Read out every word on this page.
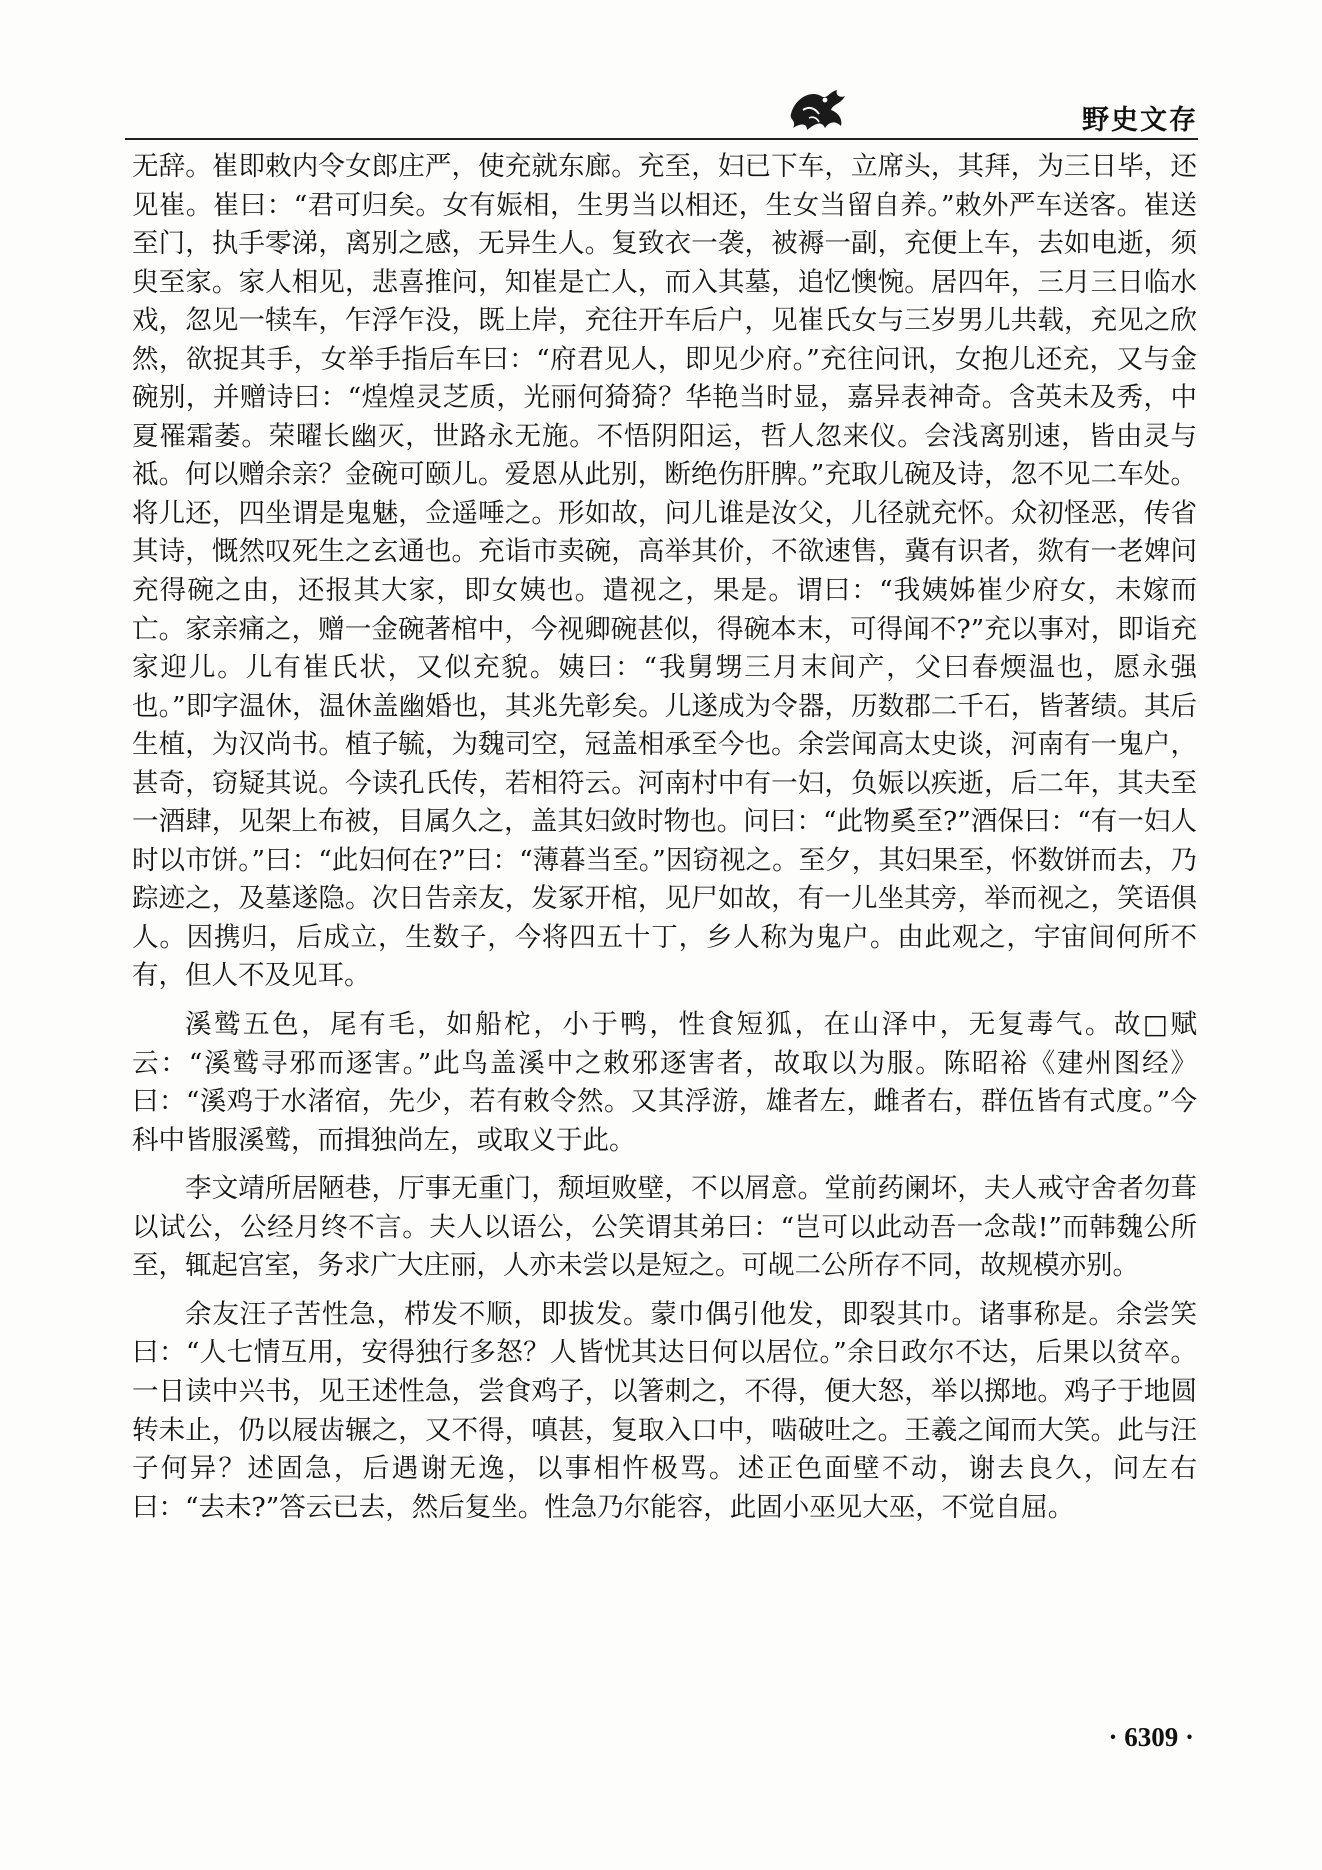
野史文存

无辞。崔即敕内令女郎庄严，使充就东廊。充至，妇已下车，立席头，其拜，为三日毕，还见崔。崔曰：“君可归矣。女有娠相，生男当以相还，生女当留自养。”敕外严车送客。崔送至门，执手零涕，离别之感，无异生人。复致衣一袭，被褥一副，充便上车，去如电逝，须臾至家。家人相见，悲喜推问，知崔是亡人，而入其墓，追忆懊惋。居四年，三月三日临水戏，忽见一犊车，乍浮乍没，既上岸，充往开车后户，见崔氏女与三岁男儿共载，充见之欣然，欲捉其手，女举手指后车曰：“府君见人，即见少府。”充往问讯，女抱儿还充，又与金碗别，并赠诗曰：“煌煌灵芝质，光丽何猗猗？华艳当时显，嘉异表神奇。含英未及秀，中夏罹霜萎。荣曜长幽灭，世路永无施。不悟阴阳运，哲人忽来仪。会浅离别速，皆由灵与祗。何以赠余亲？金碗可颐儿。爱恩从此别，断绝伤肝脾。”充取儿碗及诗，忽不见二车处。将儿还，四坐谓是鬼魅，佥遥唾之。形如故，问儿谁是汝父，儿径就充怀。众初怪恶，传省其诗，慨然叹死生之玄通也。充诣市卖碗，高举其价，不欲速售，冀有识者，欻有一老婢问充得碗之由，还报其大家，即女姨也。遣视之，果是。谓曰：“我姨姊崔少府女，未嫁而亡。家亲痛之，赠一金碗著棺中，今视卿碗甚似，得碗本末，可得闻不?”充以事对，即诣充家迎儿。儿有崔氏状，又似充貌。姨曰：“我舅甥三月末间产，父曰春煗温也，愿永强也。”即字温休，温休盖幽婚也，其兆先彰矣。儿遂成为令器，历数郡二千石，皆著绩。其后生植，为汉尚书。植子毓，为魏司空，冠盖相承至今也。余尝闻高太史谈，河南有一鬼户，甚奇，窃疑其说。今读孔氏传，若相符云。河南村中有一妇，负娠以疾逝，后二年，其夫至一酒肆，见架上布被，目属久之，盖其妇敛时物也。问曰：“此物奚至?”酒保曰：“有一妇人时以市饼。”曰：“此妇何在?”曰：“薄暮当至。”因窃视之。至夕，其妇果至，怀数饼而去，乃踪迹之，及墓遂隐。次日告亲友，发冢开棺，见尸如故，有一儿坐其旁，举而视之，笑语俱人。因携归，后成立，生数子，今将四五十丁，乡人称为鬼户。由此观之，宇宙间何所不有，但人不及见耳。

溪鹫五色，尾有毛，如船柁，小于鸭，性食短狐，在山泽中，无复毒气。故□赋云：“溪鹫寻邪而逐害。”此鸟盖溪中之敕邪逐害者，故取以为服。陈昭裕《建州图经》曰：“溪鸡于水渚宿，先少，若有敕令然。又其浮游，雄者左，雌者右，群伍皆有式度。”今科中皆服溪鹫，而揖独尚左，或取义于此。

李文靖所居陋巷，厅事无重门，颓垣败壁，不以屑意。堂前药阑坏，夫人戒守舍者勿葺以试公，公经月终不言。夫人以语公，公笑谓其弟曰：“岂可以此动吾一念哉!”而韩魏公所至，辄起宫室，务求广大庄丽，人亦未尝以是短之。可觇二公所存不同，故规模亦别。

余友汪子苦性急，栉发不顺，即拔发。蒙巾偶引他发，即裂其巾。诸事称是。余尝笑曰：“人七情互用，安得独行多怒？人皆忧其达日何以居位。”余日政尔不达，后果以贫卒。一日读中兴书，见王述性急，尝食鸡子，以箸刺之，不得，便大怒，举以掷地。鸡子于地圆转未止，仍以屐齿辗之，又不得，嗔甚，复取入口中，啮破吐之。王羲之闻而大笑。此与汪子何异？述固急，后遇谢无逸，以事相忤极骂。述正色面壁不动，谢去良久，问左右曰：“去未?”答云已去，然后复坐。性急乃尔能容，此固小巫见大巫，不觉自屈。

· 6309 ·
